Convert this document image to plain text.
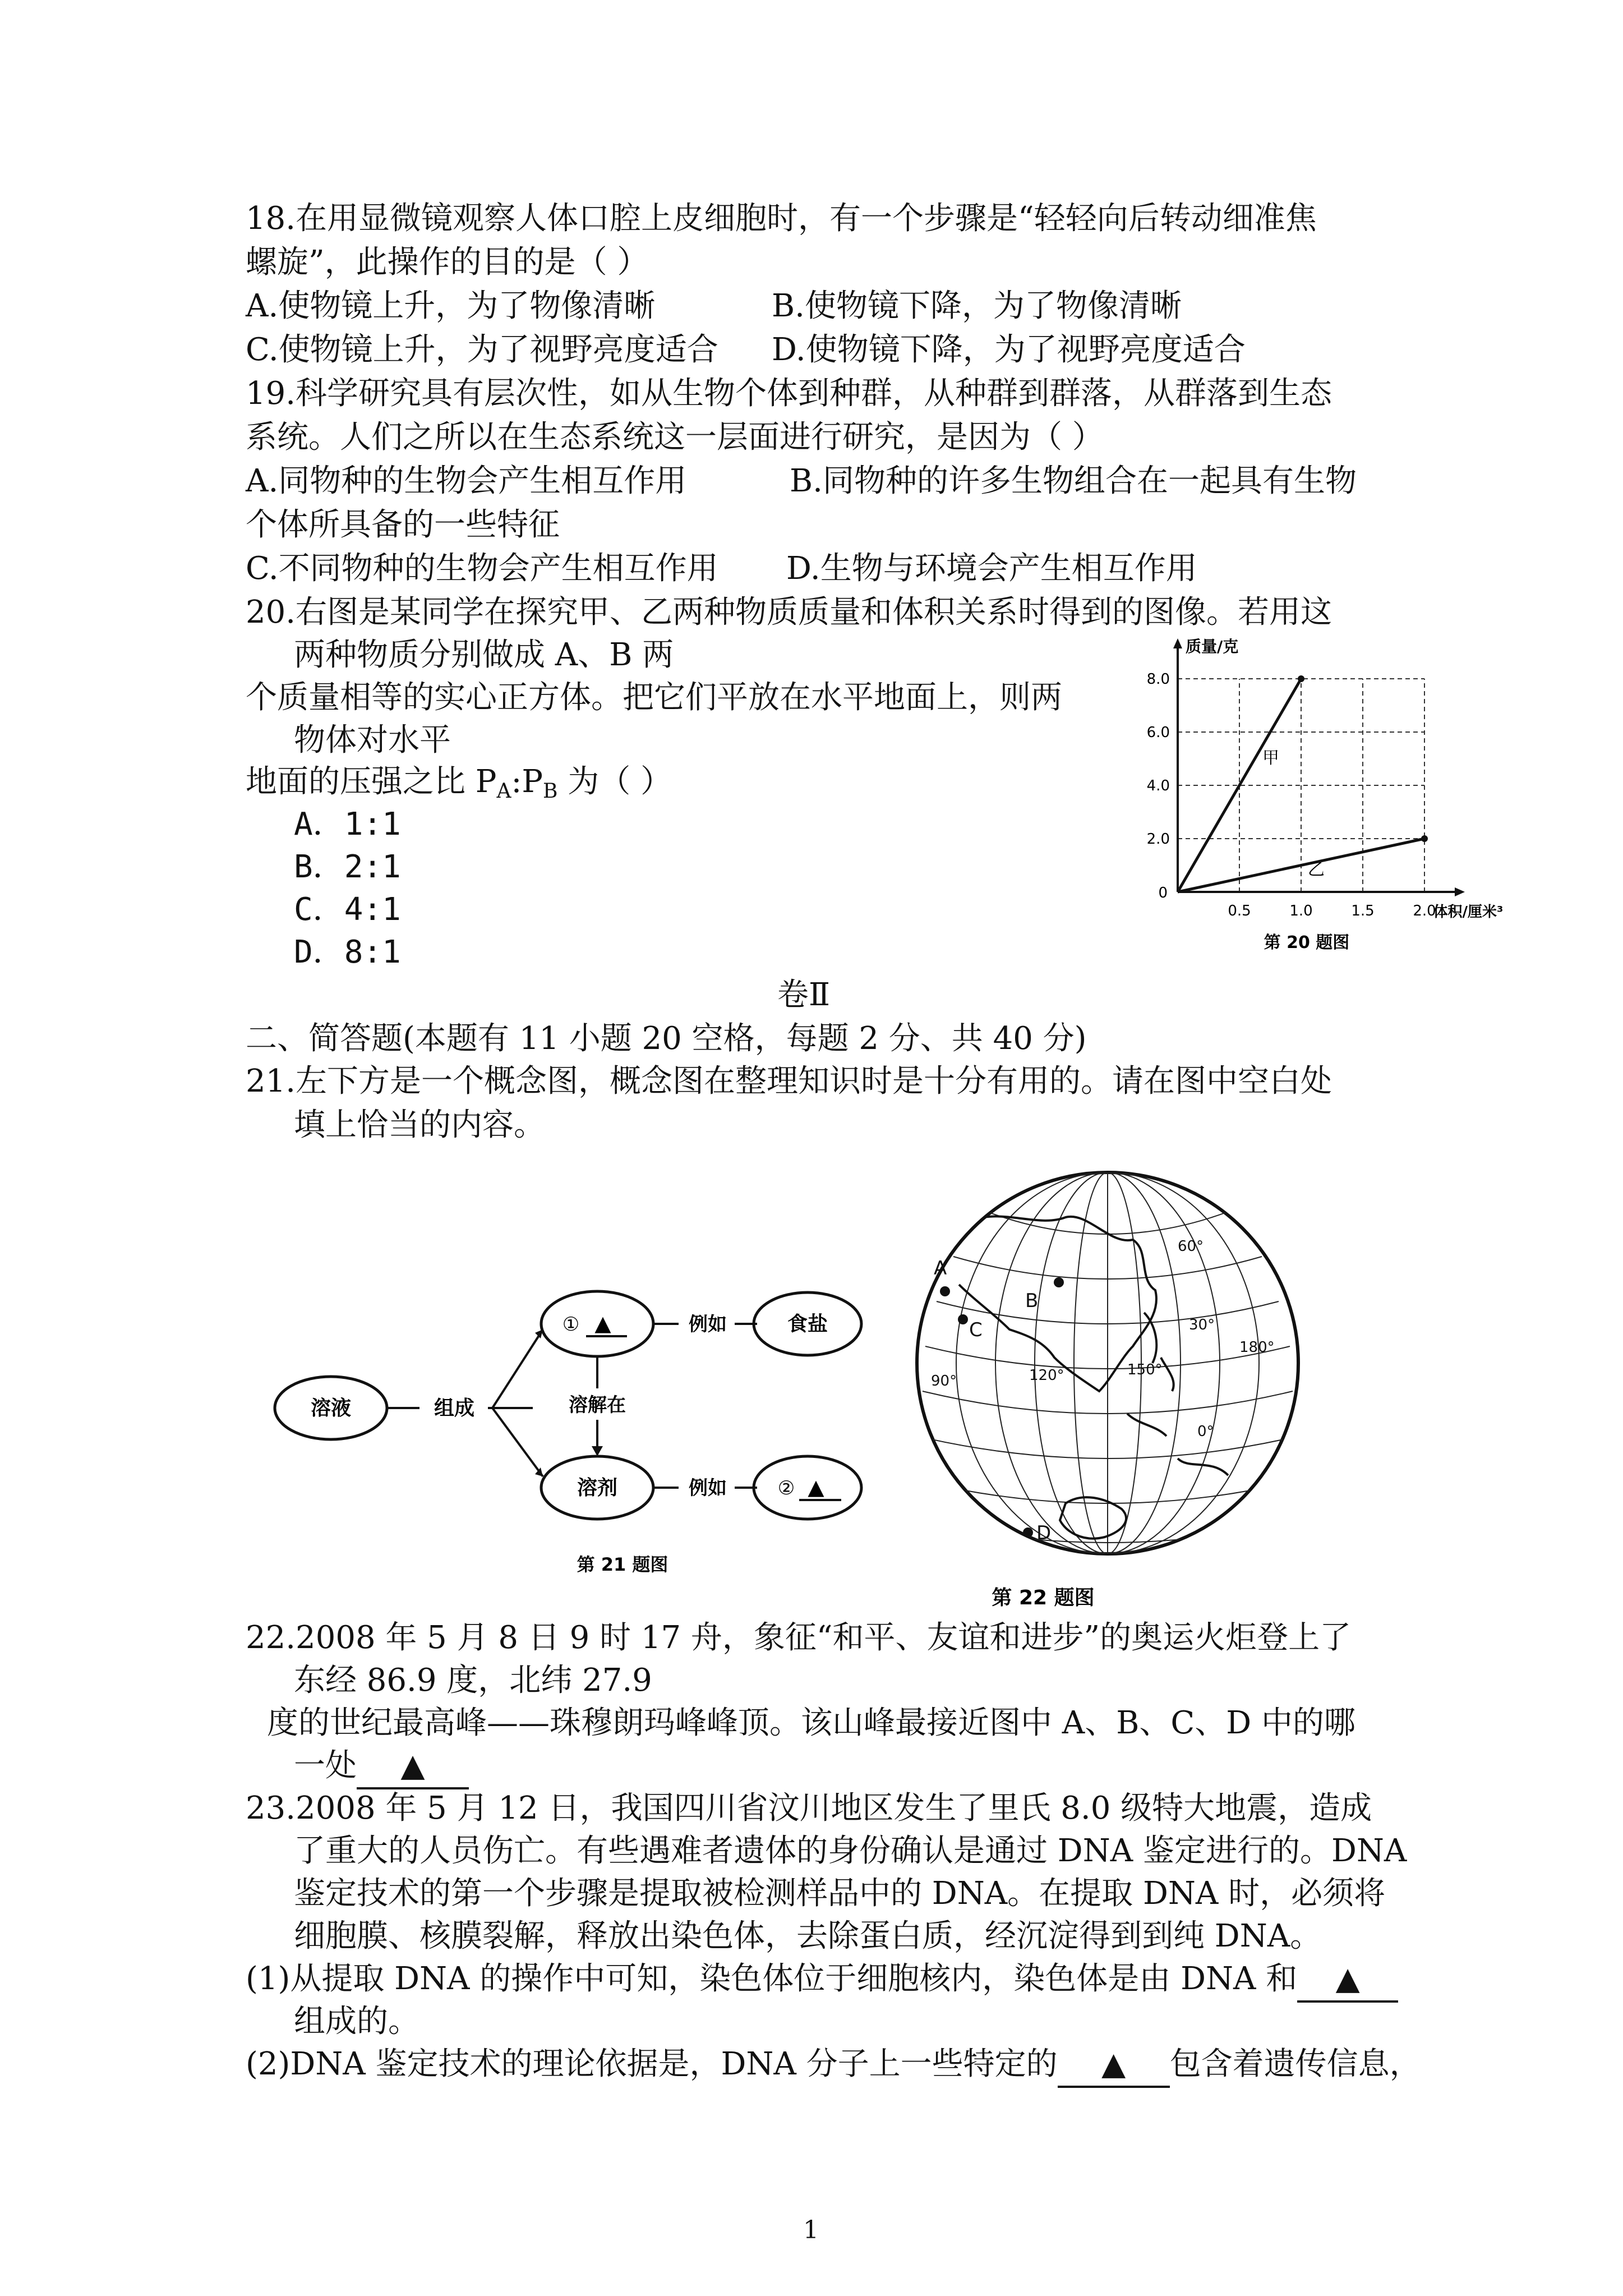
18.在用显微镜观察人体口腔上皮细胞时，有一个步骤是“轻轻向后转动细准焦
螺旋”，此操作的目的是（ ）
A.使物镜上升，为了物像清晰	B.使物镜下降，为了物像清晰
C.使物镜上升，为了视野亮度适合 D.使物镜下降，为了视野亮度适合
19.科学研究具有层次性，如从生物个体到种群，从种群到群落，从群落到生态
系统。人们之所以在生态系统这一层面进行研究，是因为（ ）
A.同物种的生物会产生相互作用	B.同物种的许多生物组合在一起具有生物
个体所具备的一些特征
C.不同物种的生物会产生相互作用 D.生物与环境会产生相互作用
20.右图是某同学在探究甲、乙两种物质质量和体积关系时得到的图像。若用这
两种物质分别做成 A、B 两
个质量相等的实心正方体。把它们平放在水平地面上，则两
物体对水平
地面的压强之比 $P_A:P_B$ 为（ ）
A．1:1
B．2:1
C．4:1
D．8:1
0.5	1.0	1.5	2.0
2.0
4.0
6.0
8.0
0
体积/厘米³
质量/克
甲
乙
第 20 题图
卷Ⅱ
二、简答题(本题有 11 小题 20 空格，每题 2 分、共 40 分)
21.左下方是一个概念图，概念图在整理知识时是十分有用的。请在图中空白处
填上恰当的内容。
溶液	组成
① ▲	例如	食盐
溶解在
溶剂	例如	② ▲
第 21 题图
A
B
C
D
60°
30°
0°
90°	120°	150°
180°
第 22 题图
22.2008 年 5 月 8 日 9 时 17 舟，象征“和平、友谊和进步”的奥运火炬登上了
东经 86.9 度，北纬 27.9
度的世纪最高峰——珠穆朗玛峰峰顶。该山峰最接近图中 A、B、C、D 中的哪
一处 ▲
23.2008 年 5 月 12 日，我国四川省汶川地区发生了里氏 8.0 级特大地震，造成
了重大的人员伤亡。有些遇难者遗体的身份确认是通过 DNA 鉴定进行的。DNA
鉴定技术的第一个步骤是提取被检测样品中的 DNA。在提取 DNA 时，必须将
细胞膜、核膜裂解，释放出染色体，去除蛋白质，经沉淀得到到纯 DNA。
(1)从提取 DNA 的操作中可知，染色体位于细胞核内，染色体是由 DNA 和 ▲
组成的。
(2)DNA 鉴定技术的理论依据是，DNA 分子上一些特定的 ▲ 包含着遗传信息，
1
